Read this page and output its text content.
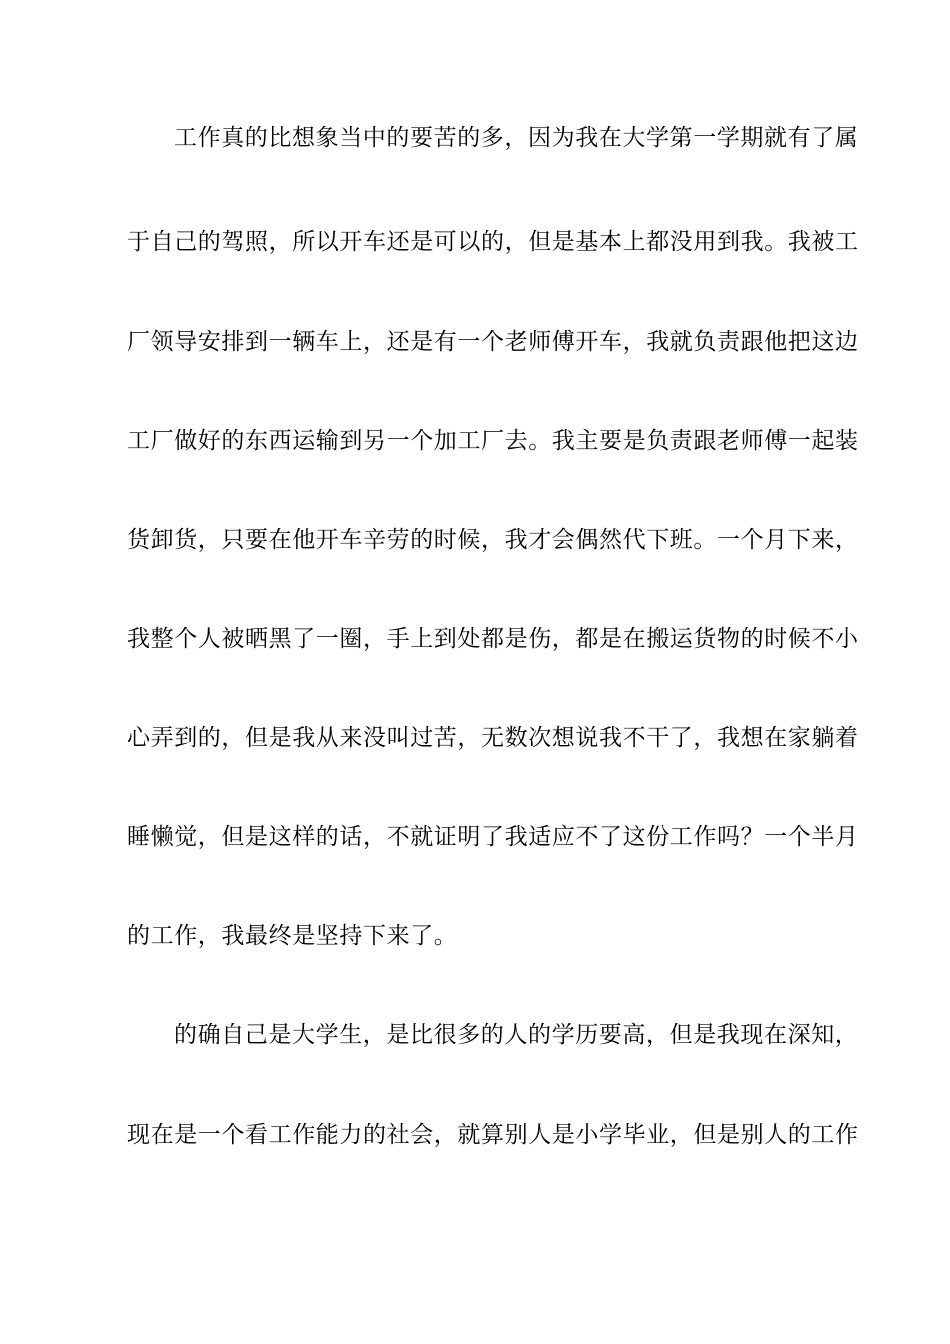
工作真的比想象当中的要苦的多，因为我在大学第一学期就有了属
于自己的驾照，所以开车还是可以的，但是基本上都没用到我。我被工
厂领导安排到一辆车上，还是有一个老师傅开车，我就负责跟他把这边
工厂做好的东西运输到另一个加工厂去。我主要是负责跟老师傅一起装
货卸货，只要在他开车辛劳的时候，我才会偶然代下班。一个月下来，
我整个人被晒黑了一圈，手上到处都是伤，都是在搬运货物的时候不小
心弄到的，但是我从来没叫过苦，无数次想说我不干了，我想在家躺着
睡懒觉，但是这样的话，不就证明了我适应不了这份工作吗？一个半月
的工作，我最终是坚持下来了。
的确自己是大学生，是比很多的人的学历要高，但是我现在深知，
现在是一个看工作能力的社会，就算别人是小学毕业，但是别人的工作
